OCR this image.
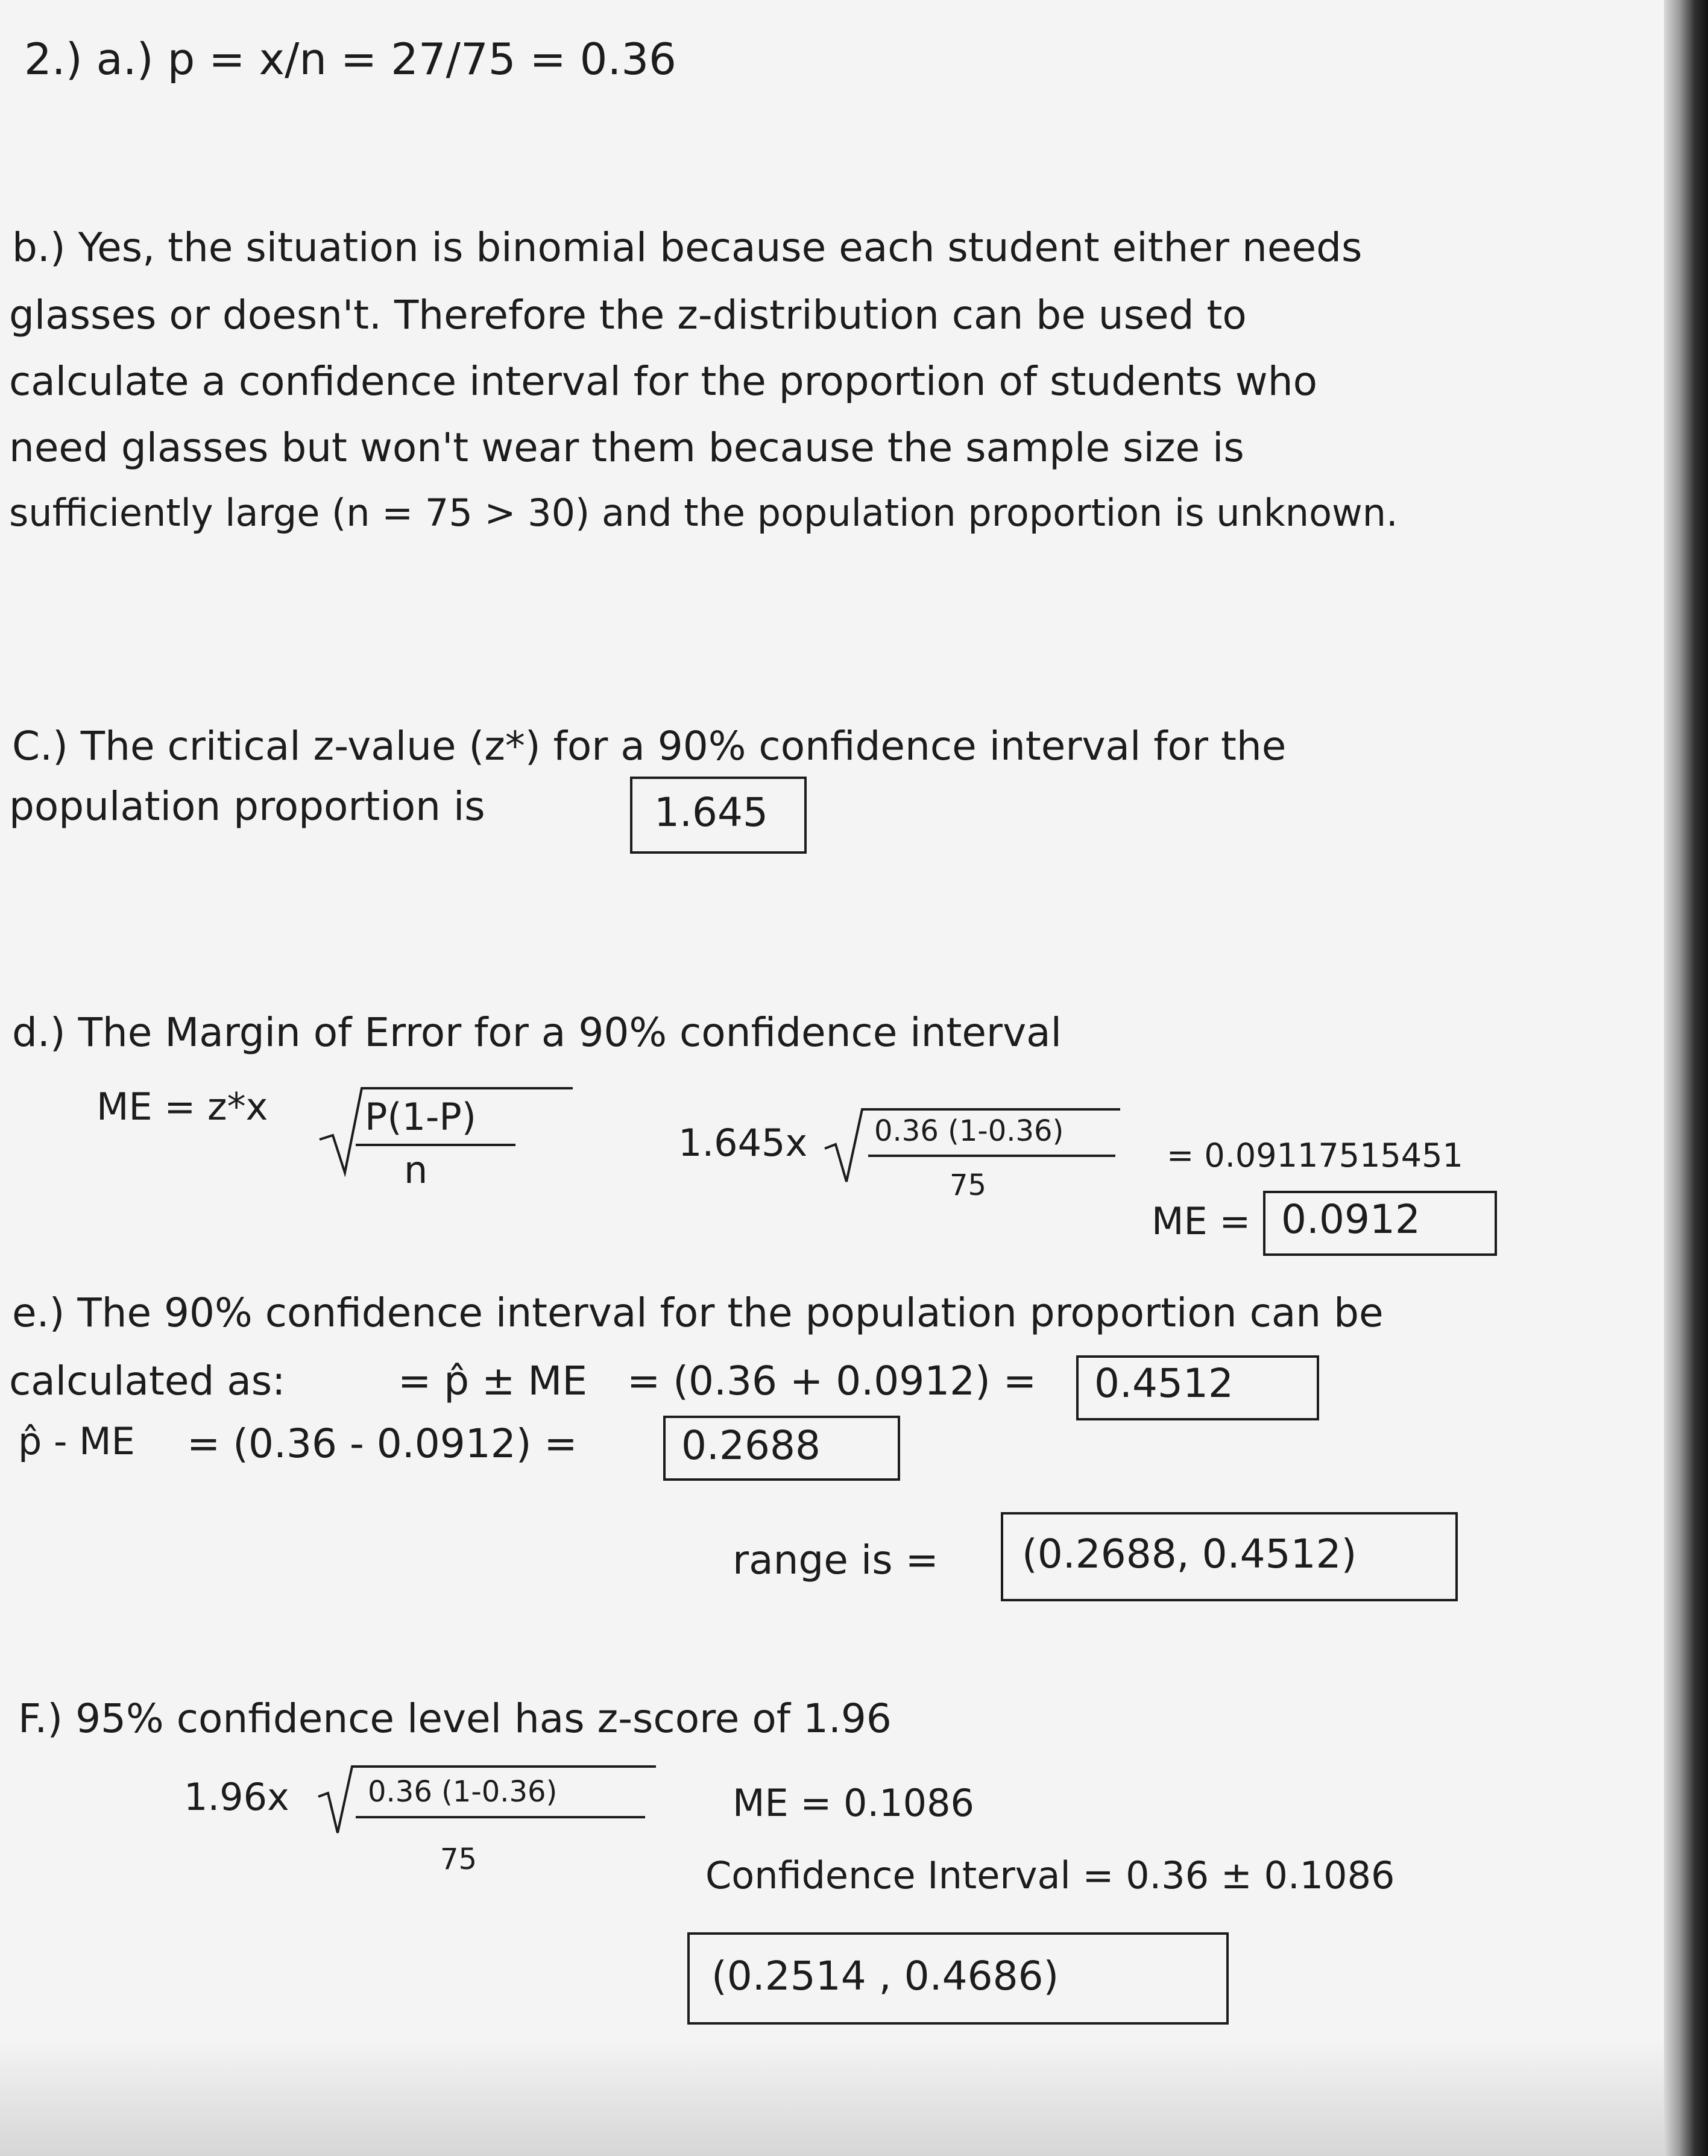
2.) a.) p = x/n = 27/75 = 0.36
b.) Yes, the situation is binomial because each student either needs
glasses or doesn't. Therefore the z-distribution can be used to
calculate a confidence interval for the proportion of students who
need glasses but won't wear them because the sample size is
sufficiently large (n = 75 > 30) and the population proportion is unknown.
C.) The critical z-value (z*) for a 90% confidence interval for the
population proportion is	1.645
d.) The Margin of Error for a 90% confidence interval
ME = z*x	P(1-P)
n
1.645x 0.36 (1-0.36)
75
= 0.09117515451
ME = 0.0912
e.) The 90% confidence interval for the population proportion can be
calculated as:	= p̂ ± ME = (0.36 + 0.0912) = 0.4512
p̂ - ME = (0.36 - 0.0912) =	0.2688
range is = (0.2688, 0.4512)
F.) 95% confidence level has z-score of 1.96
1.96x	0.36 (1-0.36)
75
ME = 0.1086
Confidence Interval = 0.36 ± 0.1086
(0.2514 , 0.4686)
